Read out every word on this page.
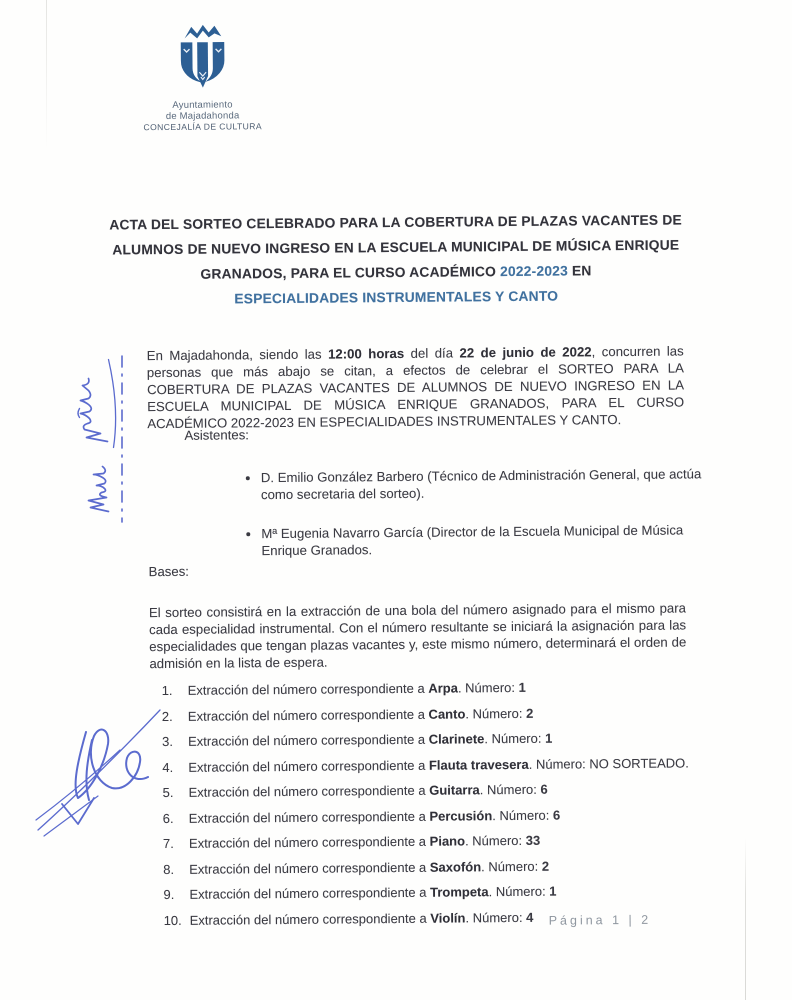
Ayuntamiento
de Majadahonda
CONCEJALÍA DE CULTURA
ACTA DEL SORTEO CELEBRADO PARA LA COBERTURA DE PLAZAS VACANTES DE ALUMNOS DE NUEVO INGRESO EN LA ESCUELA MUNICIPAL DE MÚSICA ENRIQUE GRANADOS, PARA EL CURSO ACADÉMICO 2022-2023 EN
ESPECIALIDADES INSTRUMENTALES Y CANTO

En Majadahonda, siendo las 12:00 horas del día 22 de junio de 2022, concurren las personas que más abajo se citan, a efectos de celebrar el SORTEO PARA LA COBERTURA DE PLAZAS VACANTES DE ALUMNOS DE NUEVO INGRESO EN LA ESCUELA MUNICIPAL DE MÚSICA ENRIQUE GRANADOS, PARA EL CURSO ACADÉMICO 2022-2023 EN ESPECIALIDADES INSTRUMENTALES Y CANTO.

Asistentes:
• D. Emilio González Barbero (Técnico de Administración General, que actúa como secretaria del sorteo).
• Mª Eugenia Navarro García (Director de la Escuela Municipal de Música Enrique Granados.
Bases:

El sorteo consistirá en la extracción de una bola del número asignado para el mismo para cada especialidad instrumental. Con el número resultante se iniciará la asignación para las especialidades que tengan plazas vacantes y, este mismo número, determinará el orden de admisión en la lista de espera.

1.	Extracción del número correspondiente a Arpa. Número: 1
2.	Extracción del número correspondiente a Canto. Número: 2
3.	Extracción del número correspondiente a Clarinete. Número: 1
4.	Extracción del número correspondiente a Flauta travesera. Número: NO SORTEADO.
5.	Extracción del número correspondiente a Guitarra. Número: 6
6.	Extracción del número correspondiente a Percusión. Número: 6
7.	Extracción del número correspondiente a Piano. Número: 33
8.	Extracción del número correspondiente a Saxofón. Número: 2
9.	Extracción del número correspondiente a Trompeta. Número: 1
10. Extracción del número correspondiente a Violín. Número: 4 Página 1 | 2
